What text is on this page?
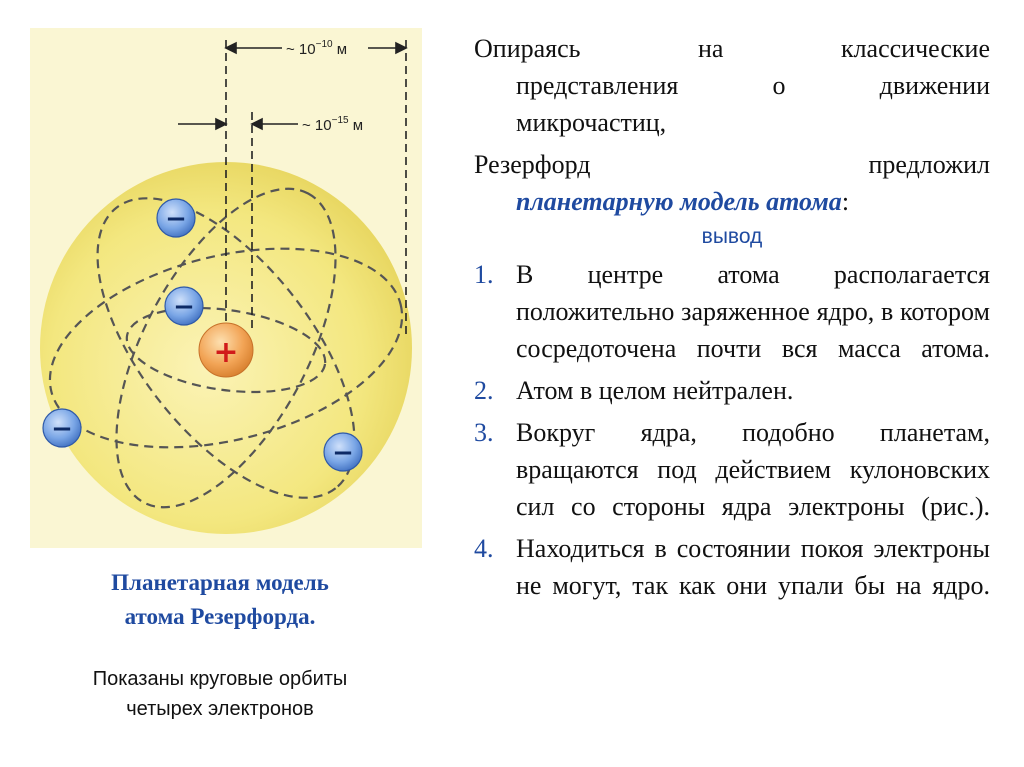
~ $10^{-10}$ м
~ $10^{-15}$ м
+
−
−
−
−
Планетарная модель
атома Резерфорда.
Показаны круговые орбиты
четырех электронов
Опираясь на классические
представления о движении
микрочастиц,
Резерфорд предложил
планетарную модель атома:
вывод
1. В центре атома располагается положительно заряженное ядро, в котором сосредоточена почти вся масса атома.
2. Атом в целом нейтрален.
3. Вокруг ядра, подобно планетам, вращаются под действием кулоновских сил со стороны ядра электроны (рис.).
4. Находиться в состоянии покоя электроны не могут, так как они упали бы на ядро.
